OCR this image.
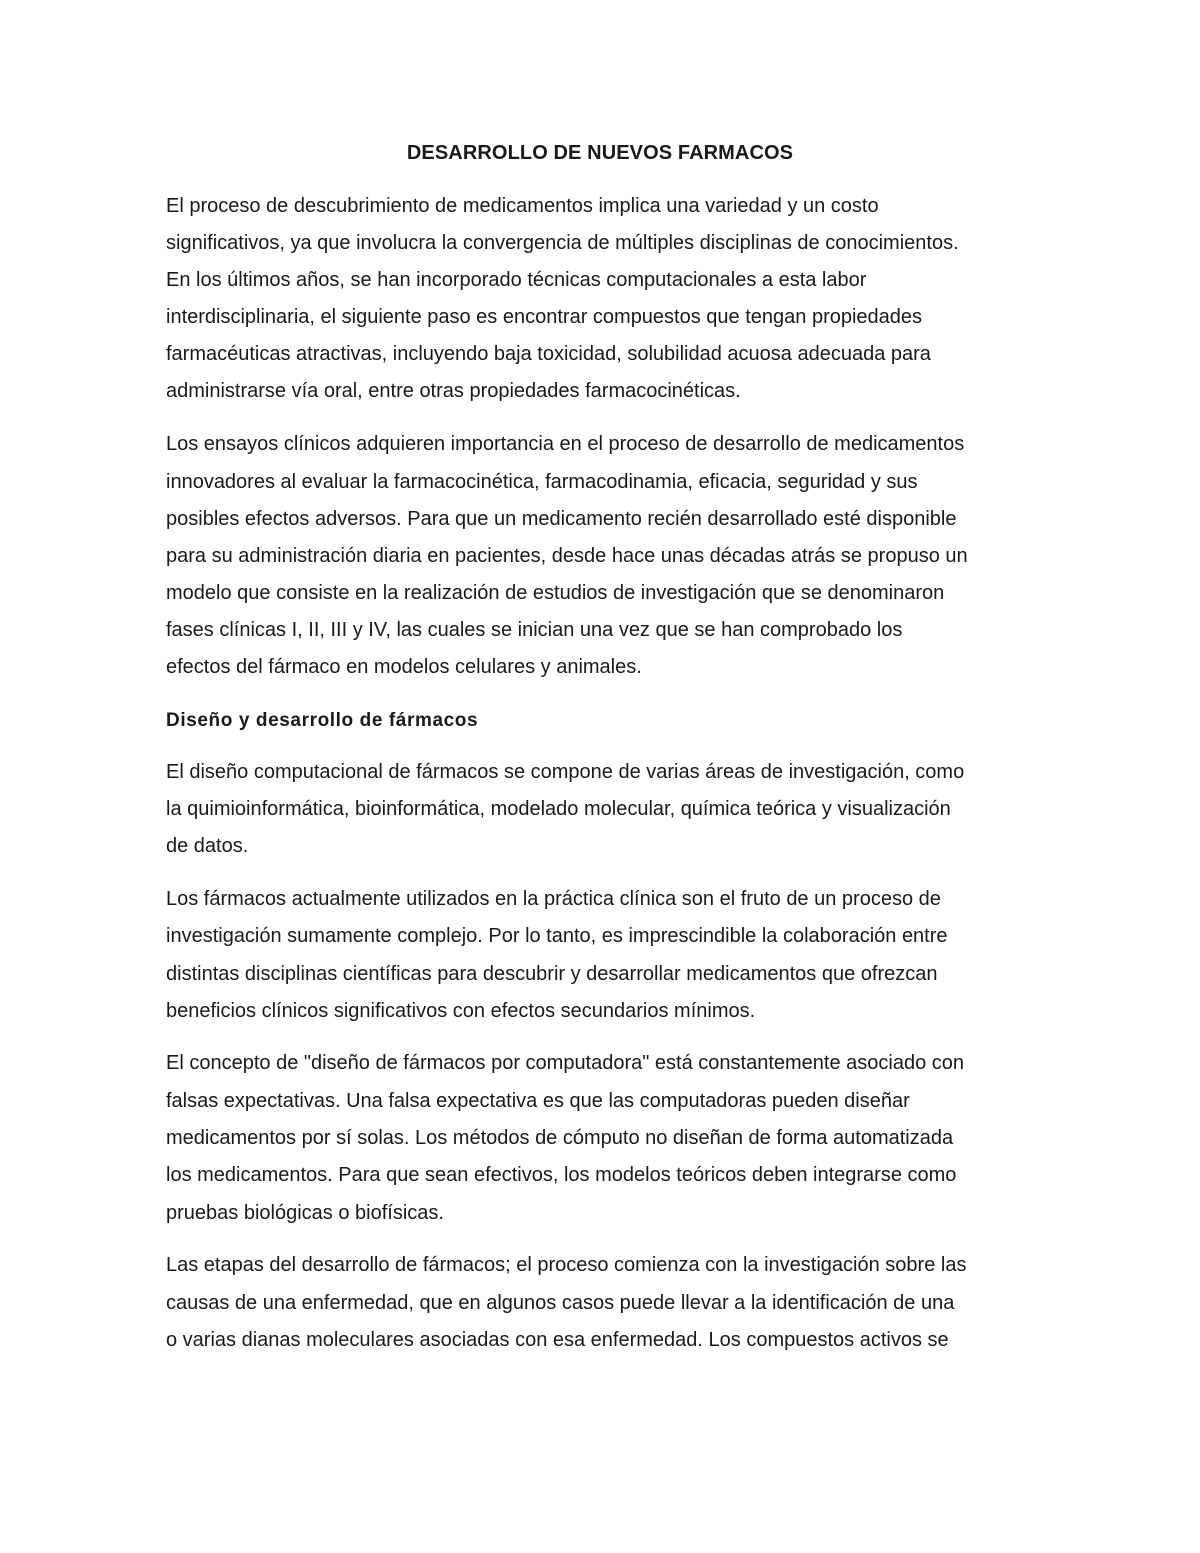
DESARROLLO DE NUEVOS FARMACOS

El proceso de descubrimiento de medicamentos implica una variedad y un costo

significativos, ya que involucra la convergencia de múltiples disciplinas de conocimientos.

En los últimos años, se han incorporado técnicas computacionales a esta labor

interdisciplinaria, el siguiente paso es encontrar compuestos que tengan propiedades

farmacéuticas atractivas, incluyendo baja toxicidad, solubilidad acuosa adecuada para

administrarse vía oral, entre otras propiedades farmacocinéticas.

Los ensayos clínicos adquieren importancia en el proceso de desarrollo de medicamentos

innovadores al evaluar la farmacocinética, farmacodinamia, eficacia, seguridad y sus

posibles efectos adversos. Para que un medicamento recién desarrollado esté disponible

para su administración diaria en pacientes, desde hace unas décadas atrás se propuso un

modelo que consiste en la realización de estudios de investigación que se denominaron

fases clínicas I, II, III y IV, las cuales se inician una vez que se han comprobado los

efectos del fármaco en modelos celulares y animales.

Diseño y desarrollo de fármacos

El diseño computacional de fármacos se compone de varias áreas de investigación, como

la quimioinformática, bioinformática, modelado molecular, química teórica y visualización

de datos.

Los fármacos actualmente utilizados en la práctica clínica son el fruto de un proceso de

investigación sumamente complejo. Por lo tanto, es imprescindible la colaboración entre

distintas disciplinas científicas para descubrir y desarrollar medicamentos que ofrezcan

beneficios clínicos significativos con efectos secundarios mínimos.

El concepto de "diseño de fármacos por computadora" está constantemente asociado con

falsas expectativas. Una falsa expectativa es que las computadoras pueden diseñar

medicamentos por sí solas. Los métodos de cómputo no diseñan de forma automatizada

los medicamentos. Para que sean efectivos, los modelos teóricos deben integrarse como

pruebas biológicas o biofísicas.

Las etapas del desarrollo de fármacos; el proceso comienza con la investigación sobre las

causas de una enfermedad, que en algunos casos puede llevar a la identificación de una

o varias dianas moleculares asociadas con esa enfermedad. Los compuestos activos se
